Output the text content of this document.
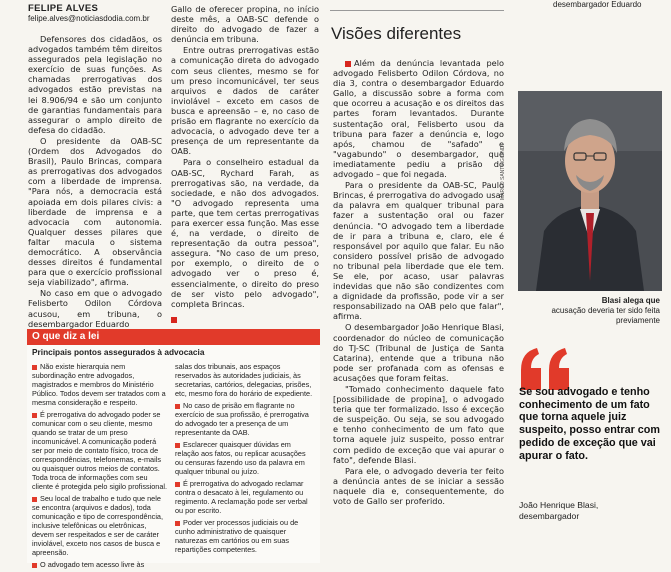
FELIPE ALVES
felipe.alves@noticiasdodia.com.br
desembargador Eduardo

Defensores dos cidadãos, os advogados também têm direitos assegurados pela legislação no exercício de suas funções. As chamadas prerrogativas dos advogados estão previstas na lei 8.906/94 e são um conjunto de garantias fundamentais para assegurar o amplo direito de defesa do cidadão.

O presidente da OAB-SC (Ordem dos Advogados do Brasil), Paulo Brincas, compara as prerrogativas dos advogados com a liberdade de imprensa. "Para nós, a democracia está apoiada em dois pilares civis: a liberdade de imprensa e a advocacia com autonomia. Qualquer desses pilares que faltar macula o sistema democrático. A observância desses direitos é fundamental para que o exercício profissional seja viabilizado", afirma.

No caso em que o advogado Felisberto Odilon Córdova acusou, em tribuna, o desembargador Eduardo

Gallo de oferecer propina, no início deste mês, a OAB-SC defende o direito do advogado de fazer a denúncia em tribuna.

Entre outras prerrogativas estão a comunicação direta do advogado com seus clientes, mesmo se for um preso incomunicável, ter seus arquivos e dados de caráter inviolável – exceto em casos de busca e apreensão – e, no caso de prisão em flagrante no exercício da advocacia, o advogado deve ter a presença de um representante da OAB.

Para o conselheiro estadual da OAB-SC, Rychard Farah, as prerrogativas são, na verdade, da sociedade, e não dos advogados. "O advogado representa uma parte, que tem certas prerrogativas para exercer essa função. Mas esse é, na verdade, o direito de representação da outra pessoa", assegura. "No caso de um preso, por exemplo, o direito de o advogado ver o preso é, essencialmente, o direito do preso de ser visto pelo advogado", completa Brincas.

Visões diferentes

Além da denúncia levantada pelo advogado Felisberto Odilon Córdova, no dia 3, contra o desembargador Eduardo Gallo, a discussão sobre a forma com que ocorreu a acusação e os direitos das partes foram levantados. Durante sustentação oral, Felisberto usou da tribuna para fazer a denúncia e, logo após, chamou de "safado" e "vagabundo" o desembargador, que imediatamente pediu a prisão do advogado – que foi negada.

Para o presidente da OAB-SC, Paulo Brincas, é prerrogativa do advogado usar da palavra em qualquer tribunal para fazer a sustentação oral ou fazer denúncia. "O advogado tem a liberdade de ir para a tribuna e, claro, ele é responsável por aquilo que falar. Eu não considero possível prisão de advogado no tribunal pela liberdade que ele tem. Se ele, por acaso, usar palavras indevidas que não são condizentes com a dignidade da profissão, pode vir a ser responsabilizado na OAB pelo que falar", afirma.

O desembargador João Henrique Blasi, coordenador do núcleo de comunicação do TJ-SC (Tribunal de Justiça de Santa Catarina), entende que a tribuna não pode ser profanada com as ofensas e acusações que foram feitas.

"Tomado conhecimento daquele fato [possibilidade de propina], o advogado teria que ter formalizado. Isso é exceção de suspeição. Ou seja, se sou advogado e tenho conhecimento de um fato que torna aquele juiz suspeito, posso entrar com pedido de exceção que vai apurar o fato", defende Blasi.

Para ele, o advogado deveria ter feito a denúncia antes de se iniciar a sessão naquele dia e, consequentemente, do voto de Gallo ser proferido.

O que diz a lei
Principais pontos assegurados à advocacia
Não existe hierarquia nem subordinação entre advogados, magistrados e membros do Ministério Público. Todos devem ser tratados com a mesma consideração e respeito.
É prerrogativa do advogado poder se comunicar com o seu cliente, mesmo quando se tratar de um preso incomunicável. A comunicação poderá ser por meio de contato físico, troca de correspondências, telefonemas, e-mails ou quaisquer outros meios de contatos. Toda troca de informações com seu cliente é protegida pelo sigilo profissional.
Seu local de trabalho e tudo que nele se encontra (arquivos e dados), toda comunicação e tipo de correspondência, inclusive telefônicas ou eletrônicas, devem ser respeitados e ser de caráter inviolável, exceto nos casos de busca e apreensão.
O advogado tem acesso livre às
salas dos tribunais, aos espaços reservados às autoridades judiciais, às secretarias, cartórios, delegacias, prisões, etc, mesmo fora do horário de expediente.
No caso de prisão em flagrante no exercício de sua profissão, é prerrogativa do advogado ter a presença de um representante da OAB.
Esclarecer quaisquer dúvidas em relação aos fatos, ou replicar acusações ou censuras fazendo uso da palavra em qualquer tribunal ou juízo.
É prerrogativa do advogado reclamar contra o desacato à lei, regulamento ou regimento. A reclamação pode ser verbal ou por escrito.
Poder ver processos judiciais ou de cunho administrativo de quaisquer naturezas em cartórios ou em suas repartições competentes.
MARCO SANTIAGO/ND
Blasi alega que
acusação deveria ter sido feita previamente
Se sou advogado e tenho conhecimento de um fato que torna aquele juiz suspeito, posso entrar com pedido de exceção que vai apurar o fato.
João Henrique Blasi,
desembargador
